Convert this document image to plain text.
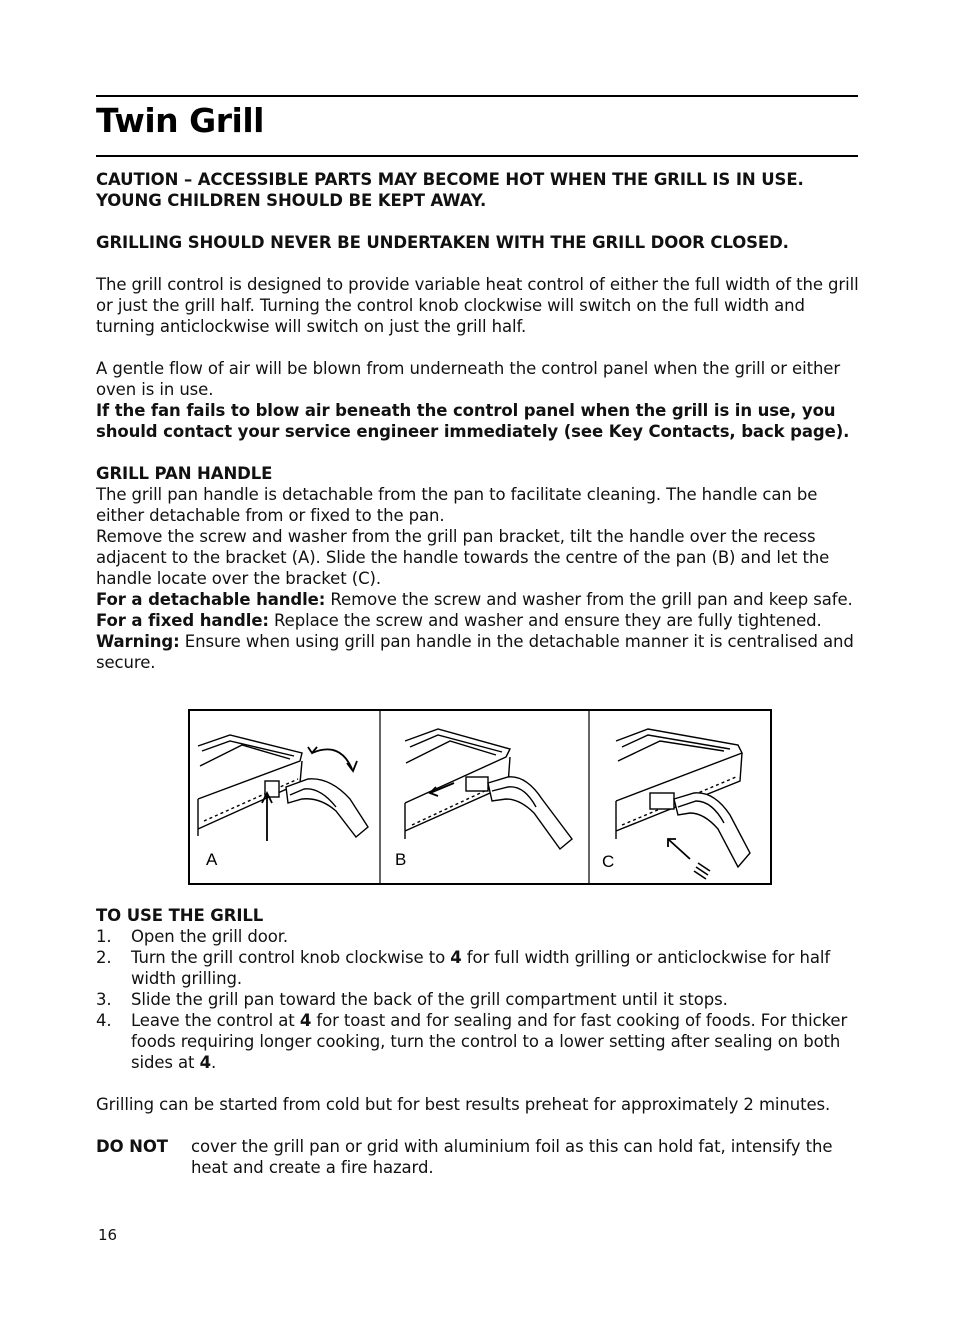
Twin Grill

CAUTION – ACCESSIBLE PARTS MAY BECOME HOT WHEN THE GRILL IS IN USE.

YOUNG CHILDREN SHOULD BE KEPT AWAY.

GRILLING SHOULD NEVER BE UNDERTAKEN WITH THE GRILL DOOR CLOSED.

The grill control is designed to provide variable heat control of either the full width of the grill or just the grill half. Turning the control knob clockwise will switch on the full width and turning anticlockwise will switch on just the grill half.

A gentle flow of air will be blown from underneath the control panel when the grill or either oven is in use.

If the fan fails to blow air beneath the control panel when the grill is in use, you should contact your service engineer immediately (see Key Contacts, back page).

GRILL PAN HANDLE

The grill pan handle is detachable from the pan to facilitate cleaning. The handle can be either detachable from or fixed to the pan.

Remove the screw and washer from the grill pan bracket, tilt the handle over the recess adjacent to the bracket (A). Slide the handle towards the centre of the pan (B) and let the handle locate over the bracket (C).

For a detachable handle: Remove the screw and washer from the grill pan and keep safe.

For a fixed handle: Replace the screw and washer and ensure they are fully tightened.

Warning: Ensure when using grill pan handle in the detachable manner it is centralised and secure.

TO USE THE GRILL

1. Open the grill door.
2. Turn the grill control knob clockwise to 4 for full width grilling or anticlockwise for half width grilling.
3. Slide the grill pan toward the back of the grill compartment until it stops.
4. Leave the control at 4 for toast and for sealing and for fast cooking of foods. For thicker foods requiring longer cooking, turn the control to a lower setting after sealing on both sides at 4.

Grilling can be started from cold but for best results preheat for approximately 2 minutes.

DO NOT	cover the grill pan or grid with aluminium foil as this can hold fat, intensify the heat and create a fire hazard.
A	B	C
16
